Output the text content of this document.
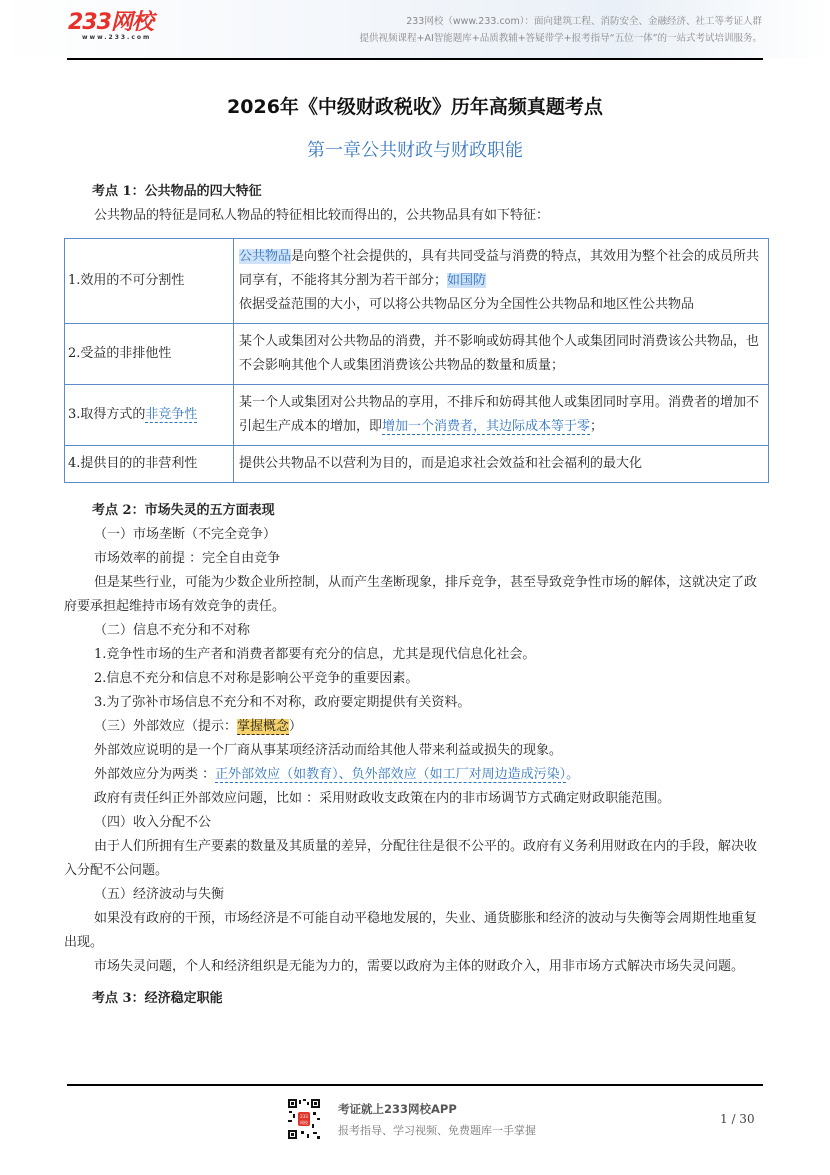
233网校
www.233.com
233网校（www.233.com）：面向建筑工程、消防安全、金融经济、社工等考证人群
提供视频课程+AI智能题库+品质教辅+答疑带学+报考指导“五位一体”的一站式考试培训服务。
2026年《中级财政税收》历年高频真题考点
第一章公共财政与财政职能
考点 1：公共物品的四大特征
公共物品的特征是同私人物品的特征相比较而得出的，公共物品具有如下特征：
1.效用的不可分割性	公共物品是向整个社会提供的，具有共同受益与消费的特点，其效用为整个社会的成员所共同享有，不能将其分割为若干部分；如国防
依据受益范围的大小，可以将公共物品区分为全国性公共物品和地区性公共物品
2.受益的非排他性	某个人或集团对公共物品的消费，并不影响或妨碍其他个人或集团同时消费该公共物品，也不会影响其他个人或集团消费该公共物品的数量和质量；
3.取得方式的非竞争性	某一个人或集团对公共物品的享用，不排斥和妨碍其他人或集团同时享用。消费者的增加不引起生产成本的增加，即增加一个消费者，其边际成本等于零；
4.提供目的的非营利性	提供公共物品不以营利为目的，而是追求社会效益和社会福利的最大化
考点 2：市场失灵的五方面表现
（一）市场垄断（不完全竞争）
市场效率的前提 ：完全自由竞争
但是某些行业，可能为少数企业所控制，从而产生垄断现象，排斥竞争，甚至导致竞争性市场的解体，这就决定了政府要承担起维持市场有效竞争的责任。
（二）信息不充分和不对称
1.竞争性市场的生产者和消费者都要有充分的信息，尤其是现代信息化社会。
2.信息不充分和信息不对称是影响公平竞争的重要因素。
3.为了弥补市场信息不充分和不对称，政府要定期提供有关资料。
（三）外部效应（提示：掌握概念）
外部效应说明的是一个厂商从事某项经济活动而给其他人带来利益或损失的现象。
外部效应分为两类 ：正外部效应（如教育）、负外部效应（如工厂对周边造成污染）。
政府有责任纠正外部效应问题，比如 ：采用财政收支政策在内的非市场调节方式确定财政职能范围。
（四）收入分配不公
由于人们所拥有生产要素的数量及其质量的差异，分配往往是很不公平的。政府有义务利用财政在内的手段，解决收入分配不公问题。
（五）经济波动与失衡
如果没有政府的干预，市场经济是不可能自动平稳地发展的，失业、通货膨胀和经济的波动与失衡等会周期性地重复出现。
市场失灵问题，个人和经济组织是无能为力的，需要以政府为主体的财政介入，用非市场方式解决市场失灵问题。
考点 3：经济稳定职能
233
网校
考证就上233网校APP
报考指导、学习视频、免费题库一手掌握
1 / 30
